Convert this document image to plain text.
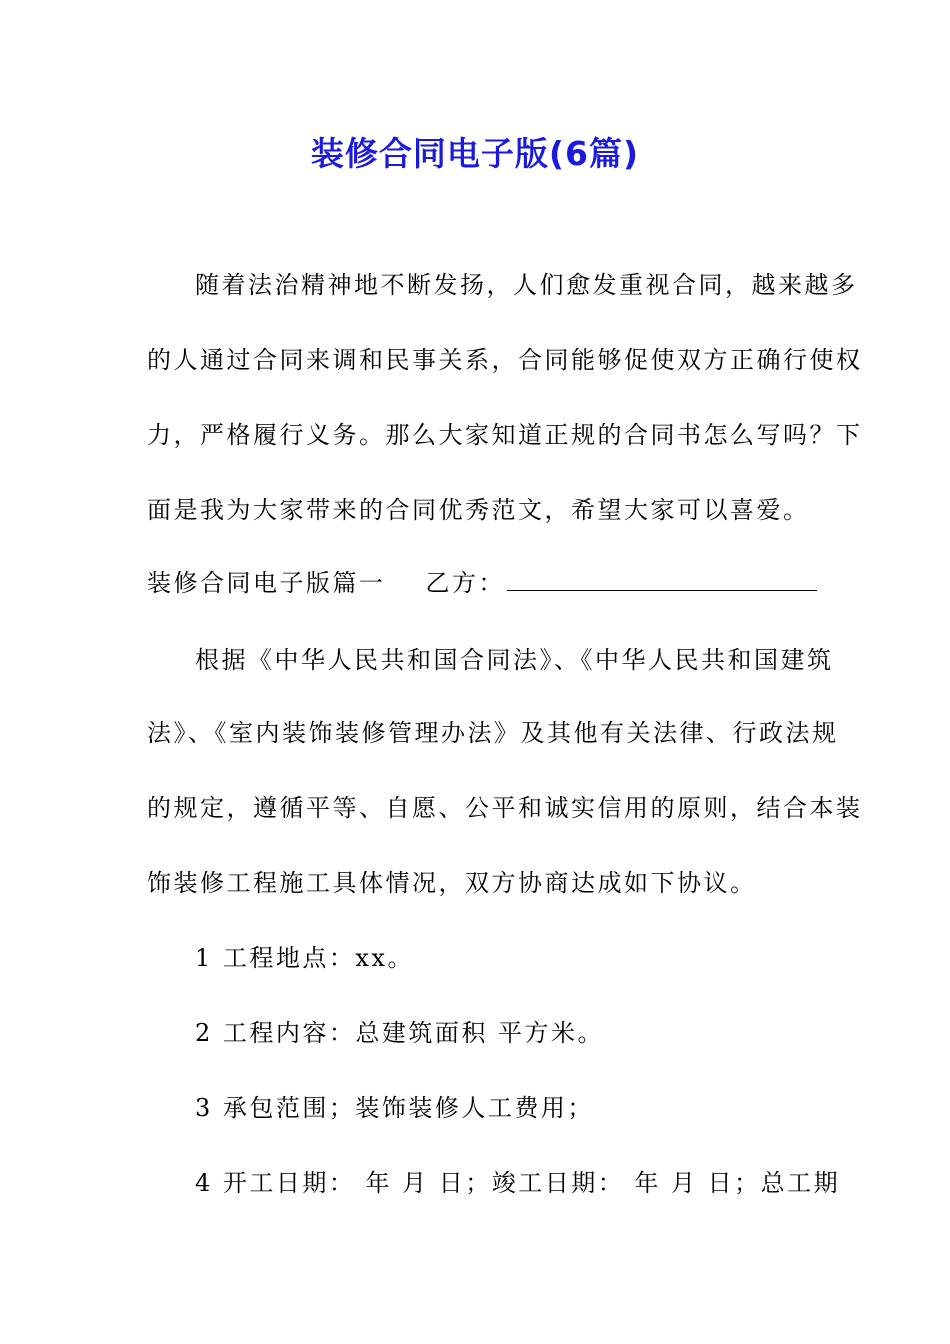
装修合同电子版(6篇)
随着法治精神地不断发扬，人们愈发重视合同，越来越多
的人通过合同来调和民事关系，合同能够促使双方正确行使权
力，严格履行义务。那么大家知道正规的合同书怎么写吗？下
面是我为大家带来的合同优秀范文，希望大家可以喜爱。
装修合同电子版篇一 乙方：
根据《中华人民共和国合同法》、《中华人民共和国建筑
法》、《室内装饰装修管理办法》及其他有关法律、行政法规
的规定，遵循平等、自愿、公平和诚实信用的原则，结合本装
饰装修工程施工具体情况，双方协商达成如下协议。
1 工程地点：xx。
2 工程内容：总建筑面积 平方米。
3 承包范围；装饰装修人工费用；
4 开工日期： 年 月 日；竣工日期： 年 月 日；总工期
